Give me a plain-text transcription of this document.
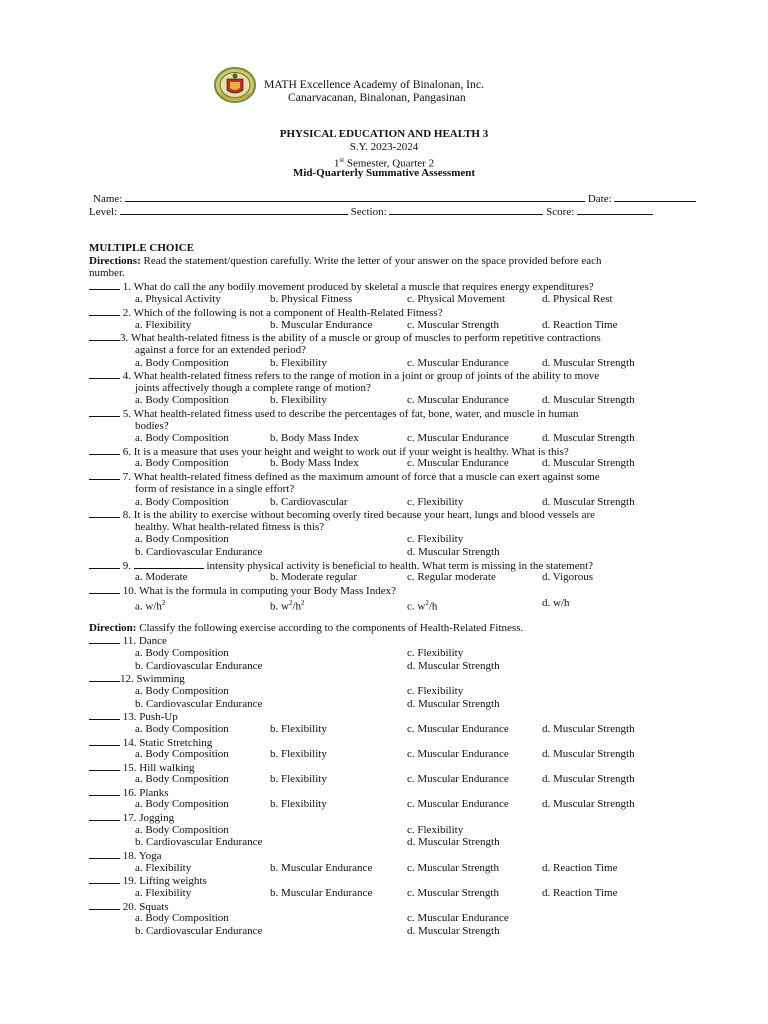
MATH Excellence Academy of Binalonan, Inc.
Canarvacanan, Binalonan, Pangasinan
PHYSICAL EDUCATION AND HEALTH 3
S.Y. 2023-2024
1st Semester, Quarter 2
Mid-Quarterly Summative Assessment
Name:	Date:
Level:	Section:	Score:
MULTIPLE CHOICE
Directions: Read the statement/question carefully. Write the letter of your answer on the space provided before each
number.
1. What do call the any bodily movement produced by skeletal a muscle that requires energy expenditures?
a. Physical Activity	b. Physical Fitness	c. Physical Movement	d. Physical Rest
2. Which of the following is not a component of Health-Related Fitness?
a. Flexibility	b. Muscular Endurance	c. Muscular Strength	d. Reaction Time
3. What health-related fitness is the ability of a muscle or group of muscles to perform repetitive contractions
against a force for an extended period?
a. Body Composition	b. Flexibility	c. Muscular Endurance	d. Muscular Strength
4. What health-related fitness refers to the range of motion in a joint or group of joints of the ability to move
joints affectively though a complete range of motion?
a. Body Composition	b. Flexibility	c. Muscular Endurance	d. Muscular Strength
5. What health-related fitness used to describe the percentages of fat, bone, water, and muscle in human
bodies?
a. Body Composition	b. Body Mass Index	c. Muscular Endurance	d. Muscular Strength
6. It is a measure that uses your height and weight to work out if your weight is healthy. What is this?
a. Body Composition	b. Body Mass Index	c. Muscular Endurance	d. Muscular Strength
7. What health-related fitness defined as the maximum amount of force that a muscle can exert against some
form of resistance in a single effort?
a. Body Composition	b. Cardiovascular	c. Flexibility	d. Muscular Strength
8. It is the ability to exercise without becoming overly tired because your heart, lungs and blood vessels are
healthy. What health-related fitness is this?
a. Body Composition	c. Flexibility
b. Cardiovascular Endurance	d. Muscular Strength
9.	intensity physical activity is beneficial to health. What term is missing in the statement?
a. Moderate	b. Moderate regular	c. Regular moderate	d. Vigorous
10. What is the formula in computing your Body Mass Index?
a. $w/h^2$	b. $w^2/h^2$	c. $w^2/h$	d. w/h
Direction: Classify the following exercise according to the components of Health-Related Fitness.
11. Dance
a. Body Composition	c. Flexibility
b. Cardiovascular Endurance	d. Muscular Strength
12. Swimming
a. Body Composition	c. Flexibility
b. Cardiovascular Endurance	d. Muscular Strength
13. Push-Up
a. Body Composition	b. Flexibility	c. Muscular Endurance	d. Muscular Strength
14. Static Stretching
a. Body Composition	b. Flexibility	c. Muscular Endurance	d. Muscular Strength
15. Hill walking
a. Body Composition	b. Flexibility	c. Muscular Endurance	d. Muscular Strength
16. Planks
a. Body Composition	b. Flexibility	c. Muscular Endurance	d. Muscular Strength
17. Jogging
a. Body Composition	c. Flexibility
b. Cardiovascular Endurance	d. Muscular Strength
18. Yoga
a. Flexibility	b. Muscular Endurance	c. Muscular Strength	d. Reaction Time
19. Lifting weights
a. Flexibility	b. Muscular Endurance	c. Muscular Strength	d. Reaction Time
20. Squats
a. Body Composition	c. Muscular Endurance
b. Cardiovascular Endurance	d. Muscular Strength
